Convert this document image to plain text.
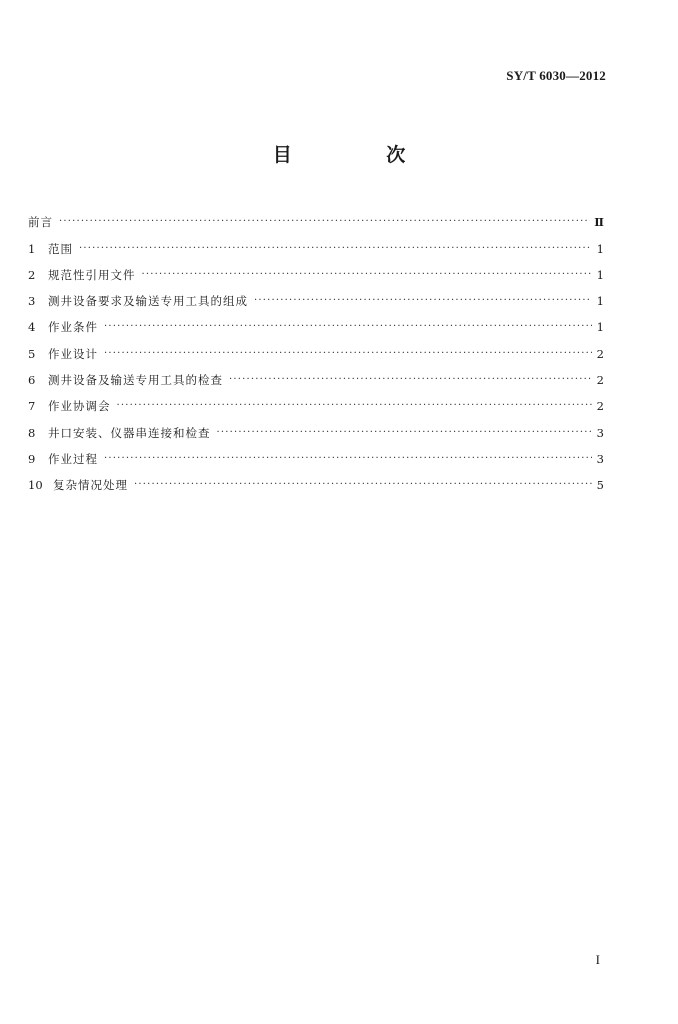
SY/T 6030—2012
目 次
前言 ·····	Ⅱ
1	范围 ·····	1
2	规范性引用文件 ·····	1
3	测井设备要求及输送专用工具的组成 ·····	1
4	作业条件 ·····	1
5	作业设计 ·····	2
6	测井设备及输送专用工具的检查 ·····	2
7	作业协调会 ·····	2
8	井口安装、仪器串连接和检查 ·····	3
9	作业过程 ·····	3
10 复杂情况处理 ·····	5
I
